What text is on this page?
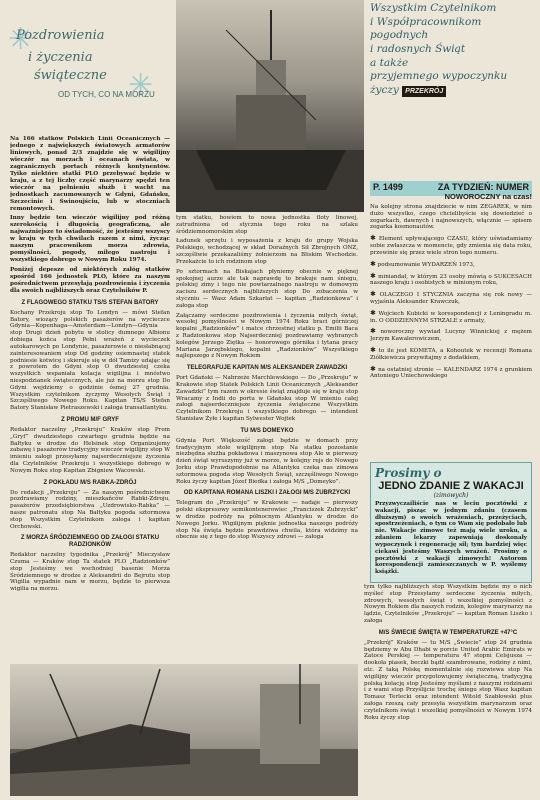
✳
✳
Pozdrowienia
i życzenia
świąteczne
OD TYCH, CO NA MORZU

Na 166 statków Polskich Linii Oceanicznych — jednego z największych światowych armatorów liniowych, ponad 2/3 znajdzie się w wigilijny wieczór na morzach i oceanach świata, w zagranicznych portach różnych kontynentów. Tyiko niektóre statki PLO przebywać będzie w kraju, a z tej liczby część marynarzy spędzi ten wieczór na pełnieniu służb i wacht na jednostkach zacumowanych w Gdyni, Gdańsku, Szczecinie i Świnoujściu, lub w stoczniach remontowych.

Inny będzie ten wieczór wigilijny pod różną szerokością i długością geograficzną, ale najważniejsze to świadomość, że jesteśmy wszyscy w kraju w tych chwilach razem z nimi, życząc naszym pracownikom morza zdrowia, pomyślności, pogody, miłego nastroju i wszystkiego dobrego w Nowym Roku 1974.

Poniżej depesze od niektórych załóg statków spośród 166 jednostek PLO, które za naszym pośrednictwem przesyłają pozdrowienia i życzenia dla swoich najbliższych oraz Czytelników P.

Z FLAGOWEGO STATKU TS/S STEFAN BATORY

Kochany Przekroju stop To Londyn — mówi Stefan Batory, wiozący polskich pasażerów na wycieczce Gdynia—Kopenhaga—Amsterdam—Londyn—Gdynia stop Drugi dzień pobytu w stolicy dumnego Albionu dobiega końca stop Pełni wrażeń z wycieczek autokarowych po Londynie, pasażerowie o niesłabnącej zainteresowaniem stop Od godziny osiemnastej statek podniesie kotwicę i skieruje się w dół Tamizy udając się z powrotem do Gdyni stop O dwudziestej czeka wszystkich wspaniała kolacja wigilijna i mnóstwo niespodzianek świątecznych, ale już na morzu stop Do Gdyni wejdziemy o godzinie ósmej 27 grudnia. Wszystkim czytelnikom życzymy Wesołych Świąt i Szczęśliwego Nowego Roku. Kapitan TS/S Stefan Batory Stanisław Pietraszewski i załoga transatlantyku.

Z PROMU M/F GRYF

Redaktor naczelny „Przekroju” Kraków stop Prom „Gryf” dwudziestego czwartego grudnia będzie na Bałtyku w drodze do Helsinek stop Organizujemy zabawę i pasażerów tradycyjny wieczór wigilijny stop W imieniu załogi przesyłamy najserdeczniejsze życzenia dla Czytelników Przekroju i wszystkiego dobrego w Nowym Roku stop Kapitan Zbigniew Wacowski.

Z POKŁADU M/S RABKA-ZDRÓJ

Do redakcji „Przekroju” — Za naszym pośrednictwem pozdrawiamy rodziny, mieszkańców Rabki-Zdroju, pasażerów przedsiębiorstwa „Uzdrowisko-Rabka” — nasze patronatu stop Na Bałtyku pogoda sztormowa stop Wszystkim Czytelnikom załoga i kapitan Orchowski.

Z MORZA ŚRÓDZIEMNEGO OD ZAŁOGI STATKU RADZIONKÓW

Redaktor naczelny tygodnika „Przekrój” Mieczysław Czuma — Kraków stop Ta statek PLO „Radzionków” stop Jesteśmy we wschodniej basenie Morza Śródziemnego w drodze z Aleksandrii do Bejrutu stop Wigilia wypadnie nam w morzu, będzie to pierwsza wigilia na morzu.

tym statku, bowiem to nowa jednostka floty linowej, zatrudniona od stycznia tego roku na szlaku śródziemnomorskim stop

Ładunek sprzętu i wyposażenia z kraju do grupy Wojska Polskiego, wchodzącej w skład Doraźnych Sił Zbrojnych ONZ, szczęśliwie przekazaliśmy żołnierzom na Bliskim Wschodzie. Przekażcie to ich rodzinom stop

Po sztormach na Biskajach płyniemy obecnie w pięknej spokojnej aurze ale tak naprawdę to brakuje nam śniegu, polskiej zimy i tego nie powtarzalnego nastroju w domowym zaciszu serdecznych najbliższych stop Do zobaczenia w styczniu — Wasz Adam Szkarłat — kapitan „Radzionkowa” i załoga stop

Załączamy serdeczne pozdrowienia i życzenia miłych świąt, wesołej pomyślności w Nowym 1974 Roku braci górniczej kopalni „Radzionków” i matce chrzestnej statku p. Emilii Baca z Radzionkowa stop Najserdeczniej pozdrawiamy wybranych kolegów Jerzego Ziętka — honorowego górnika i tytana pracy Mariana Jarzębskiego, kopalni „Radzionków” Wszystkiego najlepszego z Nowym Rokiem

TELEGRAFUJE KAPITAN M/S ALEKSANDER ZAWADZKI

Port Gdański — Nabrzeże Marchlewskiego — Do „Przekroju” w Krakowie stop Statek Polskich Linii Oceanicznych „Aleksander Zawadzki” tym razem w okresie świąt znajduje się w kraju stop Wracamy z Indii do portu w Gdańsku stop W imieniu całej załogi najserdeczniejsze życzenia świąteczne Wszystkim Czytelnikom Przekroju i wszystkiego dobrego — intendent Stanisław Żyłe i kapitan Sylwester Wojtek

TU M/S DOMEYKO

Gdynia Port Większość załogi będzie w domach przy tradycyjnym stole wigilijnym stop Na statku pozostanie niezbędna służba pokładowa i maszynowa stop Ale w pierwszy dzień świąt wyruszymy już w morze, w kolejny rejs do Nowego Jorku stop Prawdopodobnie na Atlantyku czeka nas zimowa sztormowa pogoda stop Wesołych Świąt, szczęśliwego Nowego Roku życzy kapitan Józef Biedka i załoga M/S „Domeyko”.

OD KAPITANA ROMANA LISZKI I ZAŁOGI M/S ZUBRZYCKI

Telegram do „Przekroju” w Krakowie — nadaje — pierwszy polski ekspresowy semikontenerowiec „Franciszek Zubrzycki” w drodze podróży na północnym Atlantyku w drodze do Nowego Jorku. Wigilijnym pięknie jednostka naszego podróży stop Na święta będzie prawdziwa chwila, która widzimy na obecnie się z tego do stop Wszyscy zdrowi — załoga

Wszystkim Czytelnikom
i Współpracownikom
pogodnych
i radosnych Świąt
a także
przyjemnego wypoczynku
życzy PRZEKRÓJ
P. 1499	ZA TYDZIEŃ: NUMER
NOWOROCZNY na czas!

Na kolejny strona znajdziecie w nim ZEGAREK, w nim dużo wszystko, czego chcielibyście się dowiedzieć o zegarkach, dawnych i najnowszych, włącznie — spisem zegarka kosmonautów.

✱ Element upływającego CZASU, który uświadamiamy sobie zwłaszcza w momencie, gdy zmienia się data roku, przewinie się przez wiele stron tego numeru.

✱ podsumowanie WYDARZEŃ 1973,

✱ miniandał, w którym 23 osoby mówią o SUKCESACH naszego kraju i osobistych w minionym roku,

✱ OLACZEGO I STYCZNIA zaczyna się rok nowy — wyjaśnia Aleksander Krawczuk,

✱ Wojciech Kubicki w korespondencji z Leningradu m. in. O ODDZIENNYM STRZALE z armaty,

✱ noworoczny wywiad Lucyny Winnickiej z mężem Jerzym Kawalerowiczem,

✱ to ile jest KOMETA, a Kohoutek w recenzji Romana Ziółkiewicza przywitajmy z dodatkiem,

✱ na ostatniej stronie — KALENDARZ 1974 z grunkiem Antoniego Uniechowskiego

Prosimy o
JEDNO ZDANIE Z WAKACJI
(zimowych)

Przyzwyczailiście nas w leciu pocztówki z wakacji, pisząc w jednym zdaniu (czasem dłuższym) o swoich wrażeniach, przeżyciach, spostrzeżeniach, o tym co Wam się podobało lub nie. Wakacje zimowe też mają wiele uroku, a zdaniem lekarzy zapewniają doskonały wypoczynek i regenerację sił; tym bardziej więc ciekawi jesteśmy Waszych wrażeń. Prosimy o pocztówki z wakacji zimowych! Autorom korespondencji zamieszczanych w P. wyślemy książki.

tym tylko najbliższych stop Wszystkim będzie my o nich myśleć stop Przesyłamy serdeczne życzenia miłych, zdrowych, wesołych świąt i wszelkiej pomyślności z Nowym Rokiem dla naszych rodzin, kolegów marynarzy na lądzie, Czytelników „Przekroju” — kapitan Roman Liszko i załoga

M/S ŚWIECIE ŚWIĘTA W TEMPERATURZE +47°C

„Przekrój” Kraków — tu M/S „Świecie” stop 24 grudnia będziemy w Abu Dhabi w porcie United Arabic Emirats w Zatoce Perskiej — temperatura 47 stopni Celsjusza — dookoła piasek, beczki bądź szambrowane, rodziny z nimi, etc. Z taką Polskę momentalnie się rozwiewa stop Na wigilijny wieczór przygotowujemy świąteczną, tradycyjną polską kolację stop Jesteśmy myślami z naszymi rodzinami i z wami stop Przyślijcie trochę śniegu stop Wasz kapitan Tomasz Terlecki oraz intendent Witold Szabłowski plus załoga rzeszą cały przesyła wszystkim marynarzom oraz czytelnikom świąt i wszelkiej pomyślności w Nowym 1974 Roku życzy stop
